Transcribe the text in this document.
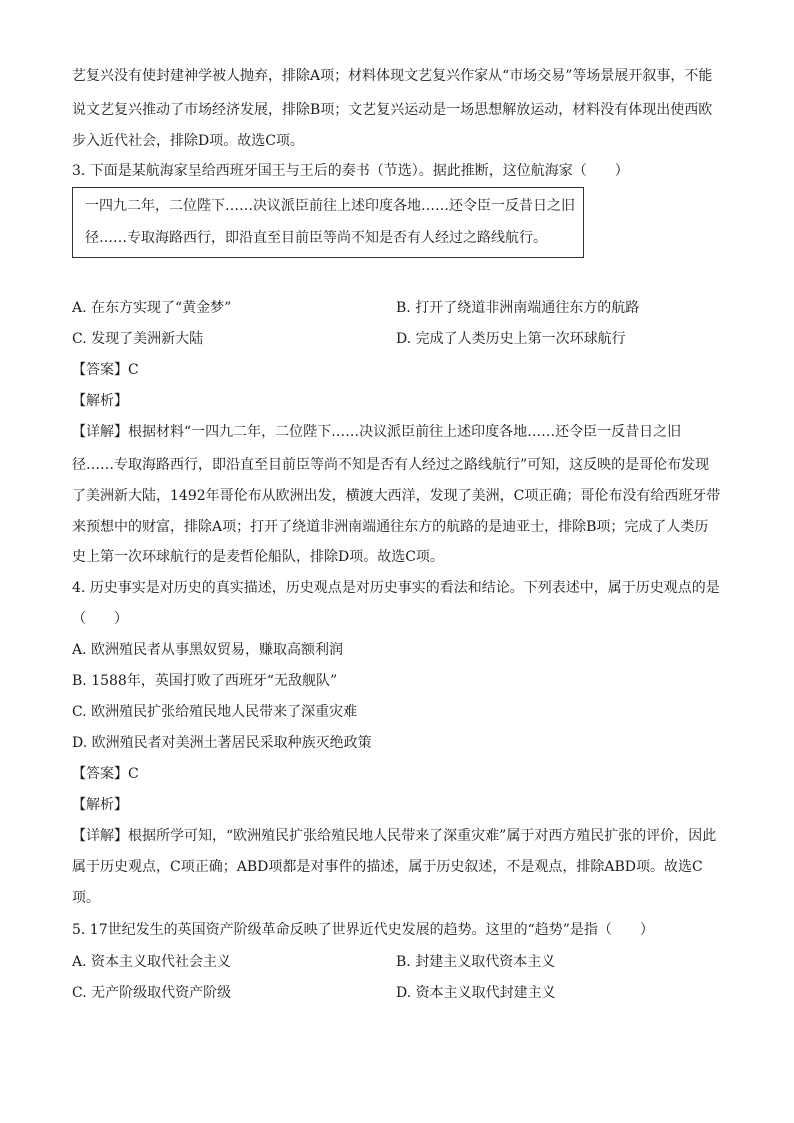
艺复兴没有使封建神学被人抛弃，排除A项；材料体现文艺复兴作家从“市场交易”等场景展开叙事，不能
说文艺复兴推动了市场经济发展，排除B项；文艺复兴运动是一场思想解放运动，材料没有体现出使西欧
步入近代社会，排除D项。故选C项。
3. 下面是某航海家呈给西班牙国王与王后的奏书（节选）。据此推断，这位航海家（　　）
一四九二年，二位陛下……决议派臣前往上述印度各地……还令臣一反昔日之旧
径……专取海路西行，即沿直至目前臣等尚不知是否有人经过之路线航行。
A. 在东方实现了“黄金梦”	B. 打开了绕道非洲南端通往东方的航路
C. 发现了美洲新大陆	D. 完成了人类历史上第一次环球航行
【答案】C
【解析】
【详解】根据材料“一四九二年，二位陛下……决议派臣前往上述印度各地……还令臣一反昔日之旧
径……专取海路西行，即沿直至目前臣等尚不知是否有人经过之路线航行”可知，这反映的是哥伦布发现
了美洲新大陆，1492年哥伦布从欧洲出发，横渡大西洋，发现了美洲，C项正确；哥伦布没有给西班牙带
来预想中的财富，排除A项；打开了绕道非洲南端通往东方的航路的是迪亚士，排除B项；完成了人类历
史上第一次环球航行的是麦哲伦船队，排除D项。故选C项。
4. 历史事实是对历史的真实描述，历史观点是对历史事实的看法和结论。下列表述中，属于历史观点的是
（　　）
A. 欧洲殖民者从事黑奴贸易，赚取高额利润
B. 1588年，英国打败了西班牙“无敌舰队”
C. 欧洲殖民扩张给殖民地人民带来了深重灾难
D. 欧洲殖民者对美洲土著居民采取种族灭绝政策
【答案】C
【解析】
【详解】根据所学可知，“欧洲殖民扩张给殖民地人民带来了深重灾难”属于对西方殖民扩张的评价，因此
属于历史观点，C项正确；ABD项都是对事件的描述，属于历史叙述，不是观点，排除ABD项。故选C
项。
5. 17世纪发生的英国资产阶级革命反映了世界近代史发展的趋势。这里的“趋势”是指（　　）
A. 资本主义取代社会主义	B. 封建主义取代资本主义
C. 无产阶级取代资产阶级	D. 资本主义取代封建主义
